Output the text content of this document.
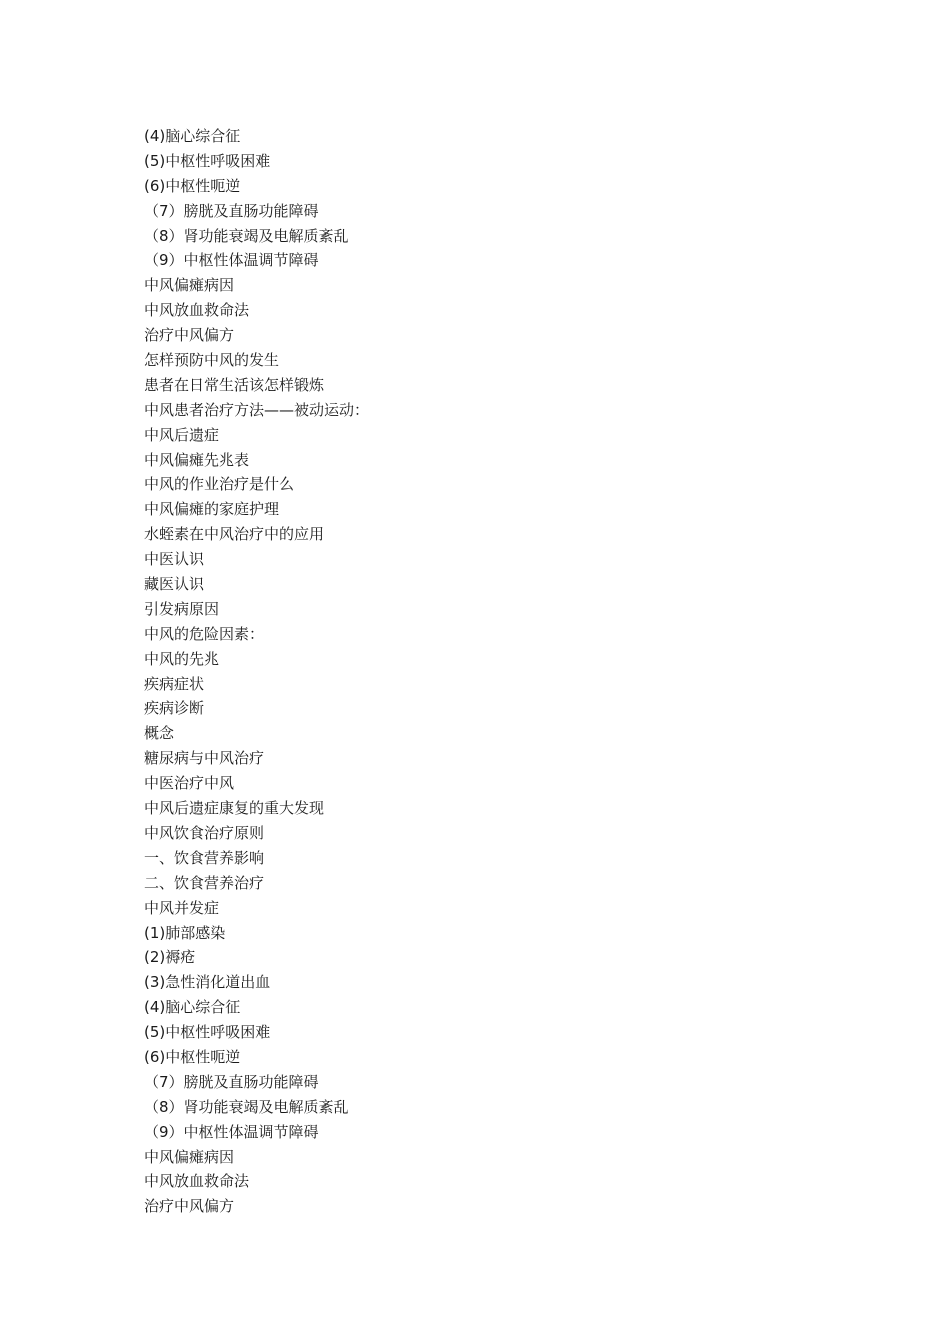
(4)脑心综合征
(5)中枢性呼吸困难
(6)中枢性呃逆
（7）膀胱及直肠功能障碍
（8）肾功能衰竭及电解质紊乱
（9）中枢性体温调节障碍
中风偏瘫病因
中风放血救命法
治疗中风偏方
怎样预防中风的发生
患者在日常生活该怎样锻炼
中风患者治疗方法——被动运动：
中风后遗症
中风偏瘫先兆表
中风的作业治疗是什么
中风偏瘫的家庭护理
水蛭素在中风治疗中的应用
中医认识
藏医认识
引发病原因
中风的危险因素：
中风的先兆
疾病症状
疾病诊断
概念
糖尿病与中风治疗
中医治疗中风
中风后遗症康复的重大发现
中风饮食治疗原则
一、饮食营养影响
二、饮食营养治疗
中风并发症
(1)肺部感染
(2)褥疮
(3)急性消化道出血
(4)脑心综合征
(5)中枢性呼吸困难
(6)中枢性呃逆
（7）膀胱及直肠功能障碍
（8）肾功能衰竭及电解质紊乱
（9）中枢性体温调节障碍
中风偏瘫病因
中风放血救命法
治疗中风偏方
